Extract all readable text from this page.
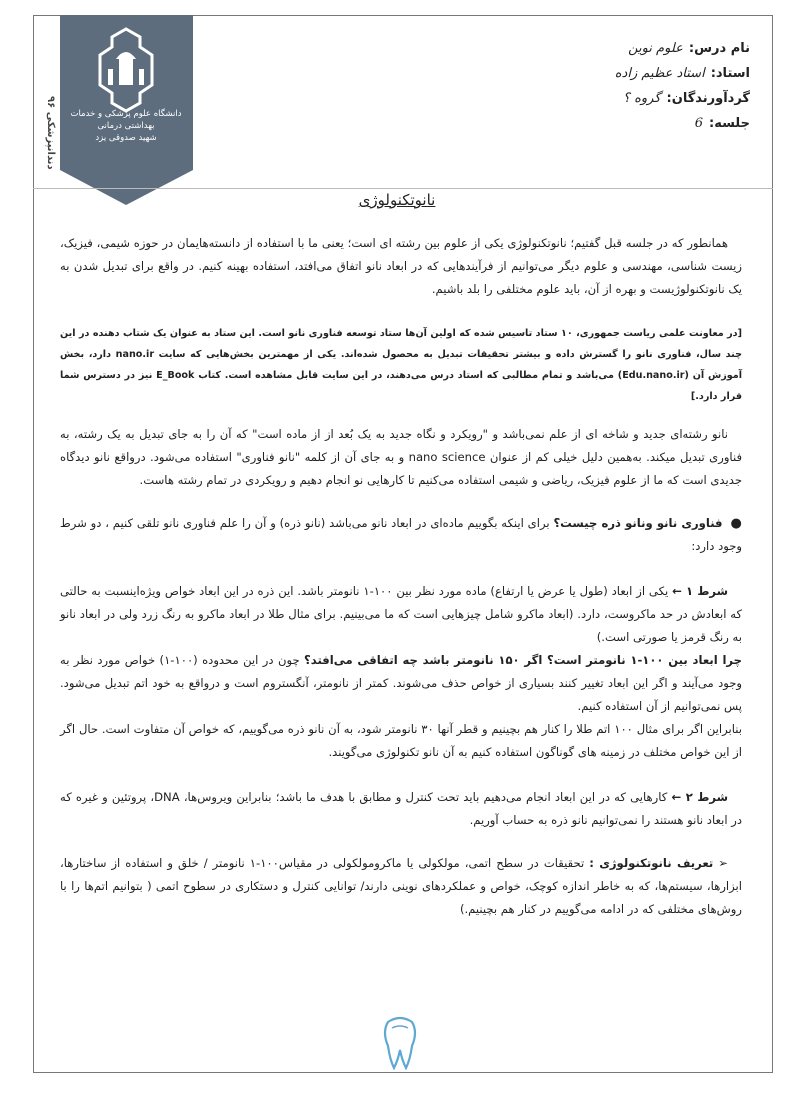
دانشگاه علوم پزشکی و خدمات بهداشتی درمانی
شهید صدوقی یزد
دندانپزشکی ۹۶
نام درس:علوم نوین
استاد:استاد عظیم زاده
گردآورندگان:گروه ؟
جلسه:6
نانوتکنولوژی

همانطور که در جلسه قبل گفتیم؛ نانوتکنولوژی یکی از علوم بین رشته ای است؛ یعنی ما با استفاده از دانسته‌هایمان در حوزه شیمی، فیزیک، زیست شناسی، مهندسی و علوم دیگر می‌توانیم از فرآیندهایی که در ابعاد نانو اتفاق می‌افتد، استفاده بهینه کنیم. در واقع برای تبدیل شدن به یک نانوتکنولوژیست و بهره از آن، باید علوم مختلفی را بلد باشیم.

[در معاونت علمی ریاست جمهوری، ۱۰ ستاد تاسیس شده که اولین آن‌ها ستاد توسعه فناوری نانو است. این ستاد به عنوان یک شتاب دهنده در این چند سال، فناوری نانو را گسترش داده و بیشتر تحقیقات تبدیل به محصول شده‌اند. یکی از مهمترین بخش‌هایی که سایت nano.ir دارد، بخش آموزش آن (Edu.nano.ir) می‌باشد و تمام مطالبی که استاد درس می‌دهند، در این سایت قابل مشاهده است. کتاب E_Book نیز در دسترس شما قرار دارد.]

نانو رشته‌ای جدید و شاخه ای از علم نمی‌باشد و "رویکرد و نگاه جدید به یک بُعد از از ماده است" که آن را به جای تبدیل به یک رشته، به فناوری تبدیل میکند. به‌همین دلیل خیلی کم از عنوان nano science و به جای آن از کلمه "نانو فناوری" استفاده می‌شود. درواقع نانو دیدگاه جدیدی است که ما از علوم فیزیک، ریاضی و شیمی استفاده می‌کنیم تا کارهایی نو انجام دهیم و رویکردی در تمام رشته هاست.

●فناوری نانو ونانو ذره چیست؟ برای اینکه بگوییم ماده‌ای در ابعاد نانو می‌باشد (نانو ذره) و آن را علم فناوری نانو تلقی کنیم ، دو شرط وجود دارد:

شرط ۱ ← یکی از ابعاد (طول یا عرض یا ارتفاع) ماده مورد نظر بین ۱۰۰-۱ نانومتر باشد. این ذره در این ابعاد خواص ویژه‌اینسبت به حالتی که ابعادش در حد ماکروست، دارد. (ابعاد ماکرو شامل چیزهایی است که ما می‌بینیم. برای مثال طلا در ابعاد ماکرو به رنگ زرد ولی در ابعاد نانو به رنگ قرمز یا صورتی است.)

چرا ابعاد بین ۱۰۰-۱ نانومتر است؟ اگر ۱۵۰ نانومتر باشد چه اتفاقی می‌افتد؟ چون در این محدوده (۱۰۰-۱) خواص مورد نظر به وجود می‌آیند و اگر این ابعاد تغییر کنند بسیاری از خواص حذف می‌شوند. کمتر از نانومتر، آنگستروم است و درواقع به خود اتم تبدیل می‌شود. پس نمی‌توانیم از آن استفاده کنیم.

بنابراین اگر برای مثال ۱۰۰ اتم طلا را کنار هم بچینیم و قطر آنها ۳۰ نانومتر شود، به آن نانو ذره می‌گوییم، که خواص آن متفاوت است. حال اگر از این خواص مختلف در زمینه های گوناگون استفاده کنیم به آن نانو تکنولوژی می‌گویند.

شرط ۲ ← کارهایی که در این ابعاد انجام می‌دهیم باید تحت کنترل و مطابق با هدف ما باشد؛ بنابراین ویروس‌ها، DNA، پروتئین و غیره که در ابعاد نانو هستند را نمی‌توانیم نانو ذره به حساب آوریم.

➢ تعریف نانوتکنولوژی : تحقیقات در سطح اتمی، مولکولی یا ماکرومولکولی در مقیاس۱۰۰-۱ نانومتر / خلق و استفاده از ساختارها، ابزارها، سیستم‌ها، که به خاطر اندازه کوچک، خواص و عملکردهای نوینی دارند/ توانایی کنترل و دستکاری در سطوح اتمی ( بتوانیم اتم‌ها را با روش‌های مختلفی که در ادامه می‌گوییم در کنار هم بچینیم.)
